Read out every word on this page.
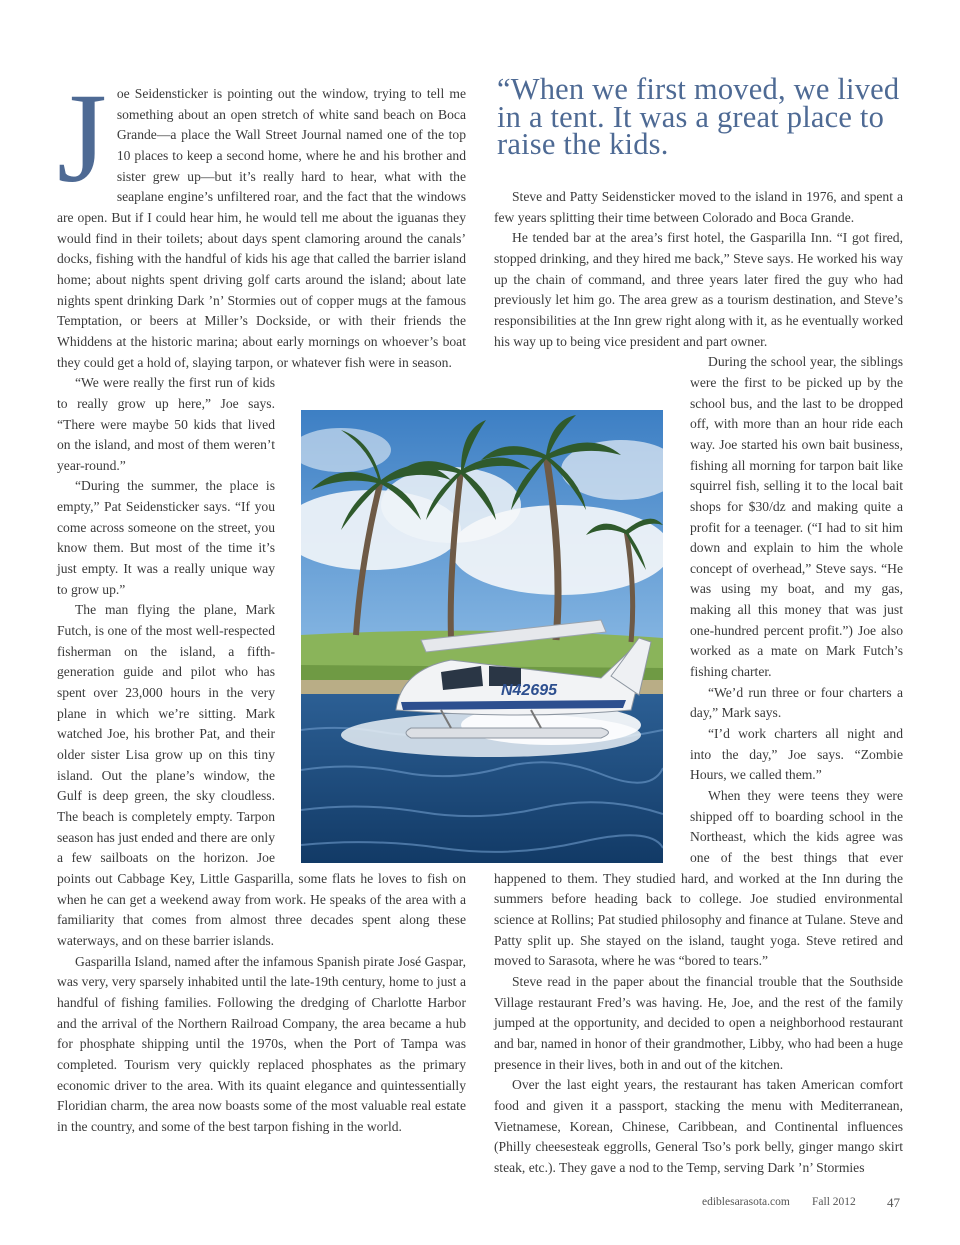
“When we first moved, we lived in a tent. It was a great place to raise the kids.
J oe Seidensticker is pointing out the window, trying to tell me something about an open stretch of white sand beach on Boca Grande—a place the Wall Street Journal named one of the top 10 places to keep a second home, where he and his brother and sister grew up—but it’s really hard to hear, what with the seaplane engine’s unfiltered roar, and the fact that the windows are open. But if I could hear him, he would tell me about the iguanas they would find in their toilets; about days spent clamoring around the canals’ docks, fishing with the handful of kids his age that called the barrier island home; about nights spent driving golf carts around the island; about late nights spent drinking Dark ’n’ Stormies out of copper mugs at the famous Temptation, or beers at Miller’s Dockside, or with their friends the Whiddens at the historic marina; about early mornings on whoever’s boat they could get a hold of, slaying tarpon, or whatever fish were in season.

“We were really the first run of kids to really grow up here,” Joe says. “There were maybe 50 kids that lived on the island, and most of them weren’t year-round.”

“During the summer, the place is empty,” Pat Seidensticker says. “If you come across someone on the street, you know them. But most of the time it’s just empty. It was a really unique way to grow up.”

The man flying the plane, Mark Futch, is one of the most well-respected fisherman on the island, a fifth-generation guide and pilot who has spent over 23,000 hours in the very plane in which we’re sitting. Mark watched Joe, his brother Pat, and their older sister Lisa grow up on this tiny island. Out the plane’s window, the Gulf is deep green, the sky cloudless. The beach is completely empty. Tarpon season has just ended and there are only a few sailboats on the horizon. Joe points out Cabbage Key, Little Gasparilla, some flats he loves to fish on when he can get a weekend away from work. He speaks of the area with a familiarity that comes from almost three decades spent along these waterways, and on these barrier islands.

Gasparilla Island, named after the infamous Spanish pirate José Gaspar, was very, very sparsely inhabited until the late-19th century, home to just a handful of fishing families. Following the dredging of Charlotte Harbor and the arrival of the Northern Railroad Company, the area became a hub for phosphate shipping until the 1970s, when the Port of Tampa was completed. Tourism very quickly replaced phosphates as the primary economic driver to the area. With its quaint elegance and quintessentially Floridian charm, the area now boasts some of the most valuable real estate in the country, and some of the best tarpon fishing in the world.

Steve and Patty Seidensticker moved to the island in 1976, and spent a few years splitting their time between Colorado and Boca Grande.

He tended bar at the area’s first hotel, the Gasparilla Inn. “I got fired, stopped drinking, and they hired me back,” Steve says. He worked his way up the chain of command, and three years later fired the guy who had previously let him go. The area grew as a tourism destination, and Steve’s responsibilities at the Inn grew right along with it, as he eventually worked his way up to being vice president and part owner.

During the school year, the siblings were the first to be picked up by the school bus, and the last to be dropped off, with more than an hour ride each way. Joe started his own bait business, fishing all morning for tarpon bait like squirrel fish, selling it to the local bait shops for $30/dz and making quite a profit for a teenager. (“I had to sit him down and explain to him the whole concept of overhead,” Steve says. “He was using my boat, and my gas, making all this money that was just one-hundred percent profit.”) Joe also worked as a mate on Mark Futch’s fishing charter.

“We’d run three or four charters a day,” Mark says.

“I’d work charters all night and into the day,” Joe says. “Zombie Hours, we called them.”

When they were teens they were shipped off to boarding school in the Northeast, which the kids agree was one of the best things that ever happened to them. They studied hard, and worked at the Inn during the summers before heading back to college. Joe studied environmental science at Rollins; Pat studied philosophy and finance at Tulane. Steve and Patty split up. She stayed on the island, taught yoga. Steve retired and moved to Sarasota, where he was “bored to tears.”

Steve read in the paper about the financial trouble that the Southside Village restaurant Fred’s was having. He, Joe, and the rest of the family jumped at the opportunity, and decided to open a neighborhood restaurant and bar, named in honor of their grandmother, Libby, who had been a huge presence in their lives, both in and out of the kitchen.

Over the last eight years, the restaurant has taken American comfort food and given it a passport, stacking the menu with Mediterranean, Vietnamese, Korean, Chinese, Caribbean, and Continental influences (Philly cheesesteak eggrolls, General Tso’s pork belly, ginger mango skirt steak, etc.). They gave a nod to the Temp, serving Dark ’n’ Stormies

N42695
ediblesarasota.com Fall 2012 47
